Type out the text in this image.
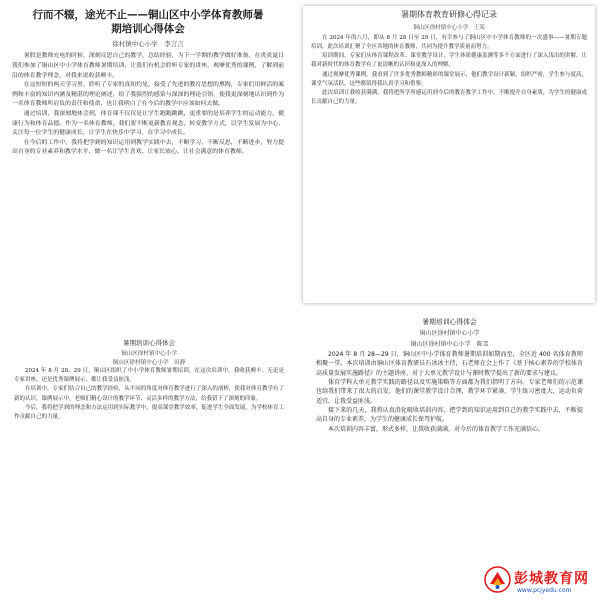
行而不辍，途光不止——铜山区中小学体育教师暑
期培训心得体会
徐村镇中心小学　李言言

暑假是教师充电的时候，深刻反思自己的教学，总结经验，为下一学期的教学做好准备。在炎炎夏日我们参加了铜山区中小学体育教师暑期培训，让我们有机会聆听专家的讲座，观摩优秀的课例，了解到前沿的体育教学理念，对我来说收获颇丰。

在这短短的两天学习里，聆听了专家的真知灼见，接受了先进的教育思想的熏陶，专家们用鲜活的案例和丰富的知识内涵及精湛的理论阐述，给了我强烈的感染与深深的理论引领，使我更深刻地认识到作为一名体育教师所肩负的责任和使命，也让我明白了在今后的教学中应该如何去做。

通过培训，我深刻地体会到，体育课不仅仅是让学生跑跑跳跳，更重要的是培养学生的运动能力、健康行为和体育品德。作为一名体育教师，我们要不断更新教育观念，转变教学方式，以学生发展为中心，关注每一位学生的健康成长，让学生在快乐中学习，在学习中成长。

在今后的工作中，我将把学到的知识运用到教学实践中去，不断学习，不断反思，不断进步，努力提高自身的专业素养和教学水平，做一名让学生喜欢、让家长放心、让社会满意的体育教师。

暑期体育教育研修心得记录
铜山区徐村镇中心小学　王某

在 2024 年的八月，即从 8 月 28 日至 29 日，有幸参与了铜山区中小学体育教师的一次盛事——暑期专题培训。此次培训汇聚了全区各地的体育教师，共同为提升教学质量而努力。

培训期间，专家们从体育课程改革、课堂教学设计、学生体质健康监测等多个方面进行了深入浅出的讲解，让我对新时代的体育教学有了更清晰的认识和更深入的理解。

通过观摩优秀课例，我看到了许多优秀教师精彩的课堂展示，他们教学设计新颖，组织严密，学生参与度高，课堂气氛活跃，这些都值得我认真学习和借鉴。

此次培训让我收获满满，我将把所学所感运用到今后的教育教学工作中，不断提升自身素质，为学生的健康成长贡献自己的力量。

暑期培训心得体会
铜山区徐村镇中心小学
铜山区徐村镇中心小学　田静

2024 年 8 月 28、29 日，铜山区组织了中小学体育教师暑期培训，在这次培训中，我收获颇丰。无论是专家讲座，还是优秀课例展示，都让我受益匪浅。

在培训中，专家们结合自己的教学经验，从不同的角度对体育教学进行了深入的剖析，使我对体育教学有了新的认识。课例展示中，老师们精心设计的教学环节、灵活多样的教学方法，给我留下了深刻的印象。

今后，我将把学到的理念和方法运用到实际教学中，提高课堂教学效率，促进学生全面发展，为学校体育工作贡献自己的力量。

暑期培训心得体会
铜山区徐村镇中心小学
铜山区徐村镇中心小学　陈雪

2024 年 8 月 28—29 日，铜山区中小学体育教师暑期培训如期而至，全区近 400 名体育教师相聚一堂。本次培训由铜山区体育教研员石冰冰主持，石老师在会上作了《基于核心素养的学校体育高质量发展实施路径》的主题讲座，对于大单元教学设计与课时教学提出了新的要求与建议。

体育学科大单元教学实践的路径以及实施策略等方面都为我们指明了方向。专家老师们的示范课也给我们带来了很大的启发，他们的课堂教学设计合理，教学环节紧凑，学生练习密度大，运动负荷适宜，让我受益匪浅。

接下来的几天，我将认真消化吸收培训内容，把学到的知识运用到自己的教学实践中去，不断提高自身的专业素养，为学生的健康成长保驾护航。

本次培训内容丰富，形式多样，让我收获满满，对今后的体育教学工作充满信心。

彭城教育网
www.pcjyedu.com
